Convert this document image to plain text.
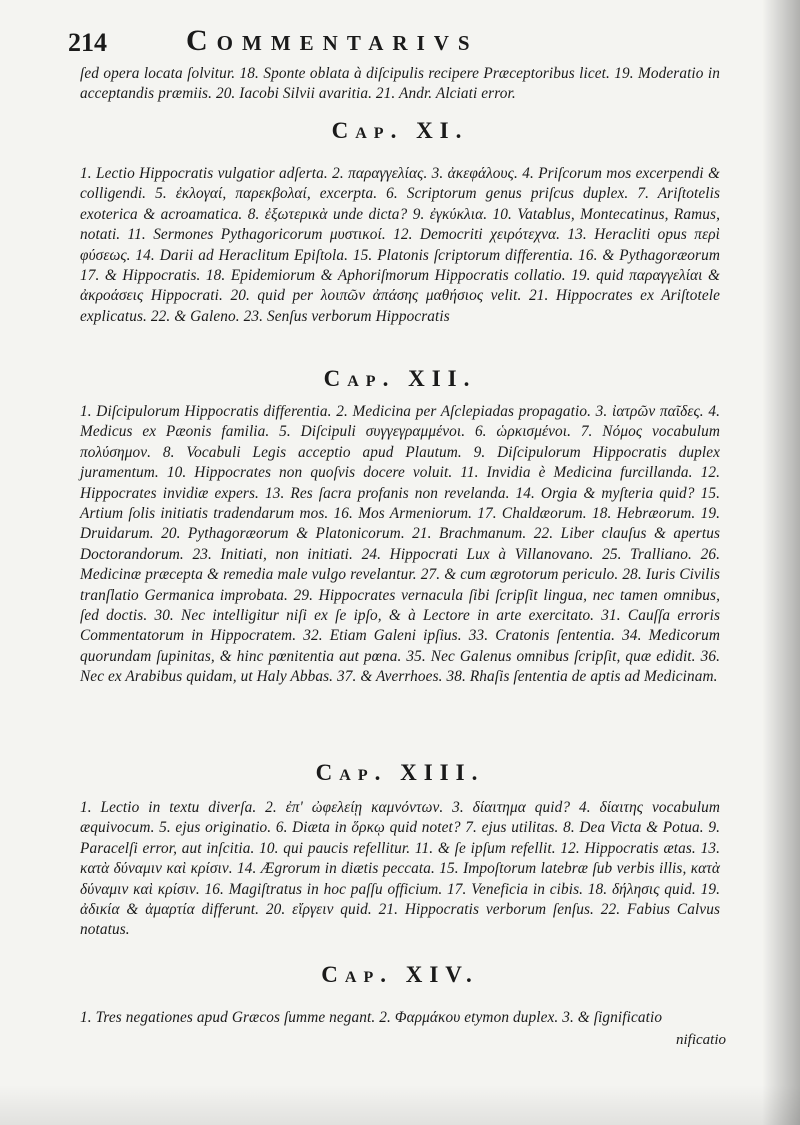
214	Commentarivs
ſed opera locata ſolvitur. 18. Sponte oblata à diſcipulis recipere Præceptoribus licet. 19. Moderatio in acceptandis præmiis. 20. Iacobi Silvii avaritia. 21. Andr. Alciati error.
Cap. XI.
1. Lectio Hippocratis vulgatior adſerta. 2. παραγγελίας. 3. ἀκεφάλους. 4. Priſcorum mos excerpendi & colligendi. 5. ἐκλογαί, παρεκβολαί, excerpta. 6. Scriptorum genus priſcus duplex. 7. Ariſtotelis exoterica & acroamatica. 8. ἐξωτερικὰ unde dicta? 9. ἐγκύκλια. 10. Vatablus, Montecatinus, Ramus, notati. 11. Sermones Pythagoricorum μυστικοί. 12. Democriti χειρότεχνα. 13. Heracliti opus περὶ φύσεως. 14. Darii ad Heraclitum Epiſtola. 15. Platonis ſcriptorum differentia. 16. & Pythagoræorum 17. & Hippocratis. 18. Epidemiorum & Aphoriſmorum Hippocratis collatio. 19. quid παραγγελίαι & ἀκροάσεις Hippocrati. 20. quid per λοιπῶν ἀπάσης μαθήσιος velit. 21. Hippocrates ex Ariſtotele explicatus. 22. & Galeno. 23. Senſus verborum Hippocratis
Cap. XII.
1. Diſcipulorum Hippocratis differentia. 2. Medicina per Aſclepiadas propagatio. 3. ἰατρῶν παῖδες. 4. Medicus ex Pæonis familia. 5. Diſcipuli συγγεγραμμένοι. 6. ὡρκισμένοι. 7. Νόμος vocabulum πολύσημον. 8. Vocabuli Legis acceptio apud Plautum. 9. Diſcipulorum Hippocratis duplex juramentum. 10. Hippocrates non quoſvis docere voluit. 11. Invidia è Medicina furcillanda. 12. Hippocrates invidiæ expers. 13. Res ſacra profanis non revelanda. 14. Orgia & myſteria quid? 15. Artium ſolis initiatis tradendarum mos. 16. Mos Armeniorum. 17. Chaldæorum. 18. Hebræorum. 19. Druidarum. 20. Pythagoræorum & Platonicorum. 21. Brachmanum. 22. Liber clauſus & apertus Doctorandorum. 23. Initiati, non initiati. 24. Hippocrati Lux à Villanovano. 25. Tralliano. 26. Medicinæ præcepta & remedia male vulgo revelantur. 27. & cum ægrotorum periculo. 28. Iuris Civilis tranſlatio Germanica improbata. 29. Hippocrates vernacula ſibi ſcripſit lingua, nec tamen omnibus, ſed doctis. 30. Nec intelligitur niſi ex ſe ipſo, & à Lectore in arte exercitato. 31. Cauſſa erroris Commentatorum in Hippocratem. 32. Etiam Galeni ipſius. 33. Cratonis ſententia. 34. Medicorum quorundam ſupinitas, & hinc pœnitentia aut pœna. 35. Nec Galenus omnibus ſcripſit, quæ edidit. 36. Nec ex Arabibus quidam, ut Haly Abbas. 37. & Averrhoes. 38. Rhaſis ſententia de aptis ad Medicinam.
Cap. XIII.
1. Lectio in textu diverſa. 2. ἐπ' ὠφελείῃ καμνόντων. 3. δίαιτημα quid? 4. δίαιτης vocabulum æquivocum. 5. ejus originatio. 6. Diæta in ὅρκῳ quid notet? 7. ejus utilitas. 8. Dea Victa & Potua. 9. Paracelſi error, aut inſcitia. 10. qui paucis refellitur. 11. & ſe ipſum refellit. 12. Hippocratis ætas. 13. κατὰ δύναμιν καὶ κρίσιν. 14. Ægrorum in diætis peccata. 15. Impoſtorum latebræ ſub verbis illis, κατὰ δύναμιν καὶ κρίσιν. 16. Magiſtratus in hoc paſſu officium. 17. Veneficia in cibis. 18. δήλησις quid. 19. ἀδικία & ἀμαρτία differunt. 20. εἴργειν quid. 21. Hippocratis verborum ſenſus. 22. Fabius Calvus notatus.
Cap. XIV.
1. Tres negationes apud Græcos ſumme negant. 2. Φαρμάκου etymon duplex. 3. & ſignificatio
nificatio
